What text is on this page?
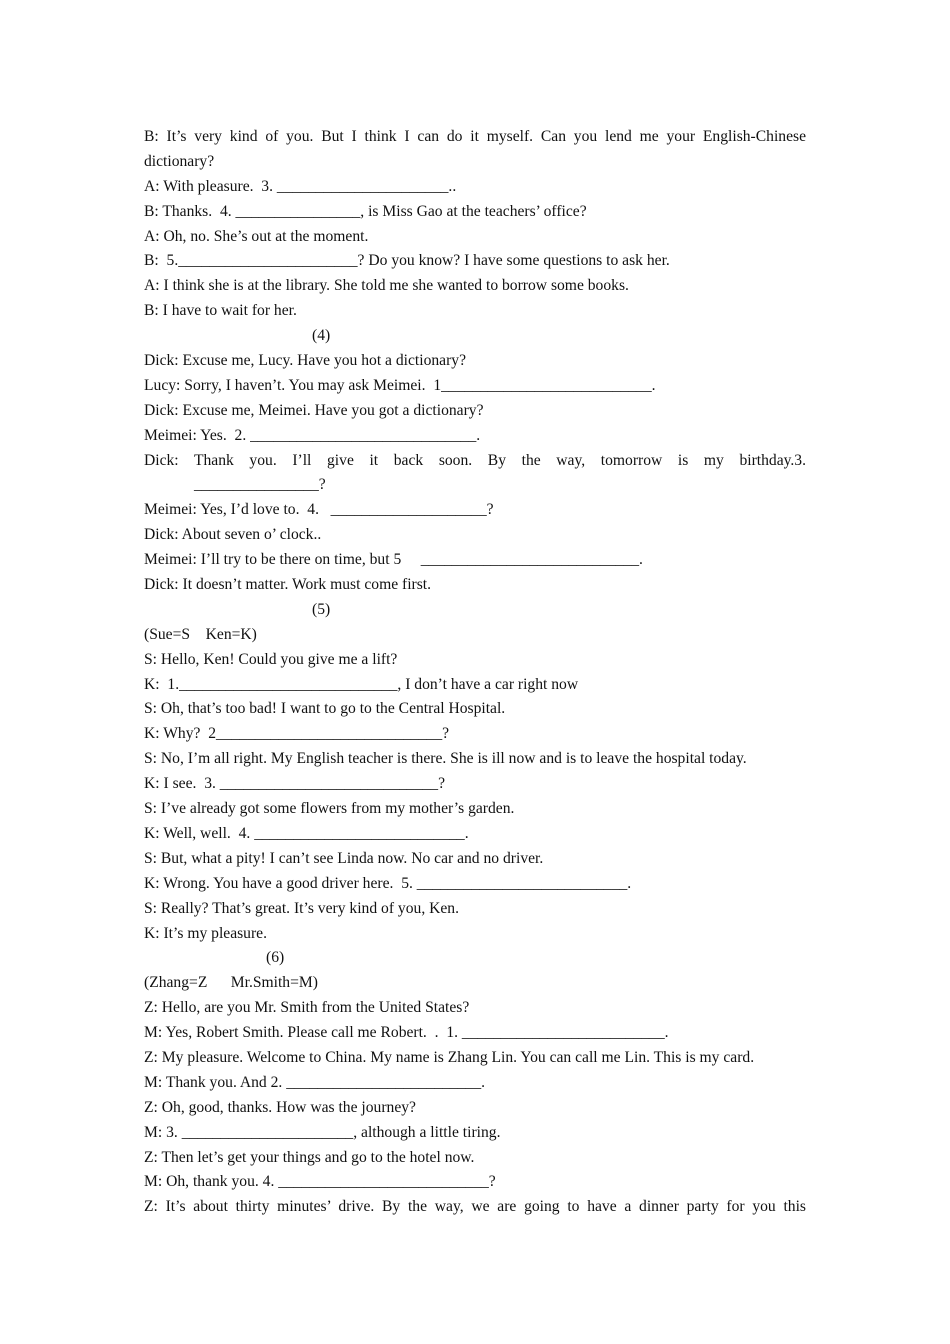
B: It’s very kind of you. But I think I can do it myself. Can you lend me your English-Chinese
dictionary?
A: With pleasure.  3. ______________________..
B: Thanks.  4. ________________, is Miss Gao at the teachers’ office?
A: Oh, no. She’s out at the moment.
B:  5._______________________? Do you know? I have some questions to ask her.
A: I think she is at the library. She told me she wanted to borrow some books.
B: I have to wait for her.
(4)
Dick: Excuse me, Lucy. Have you hot a dictionary?
Lucy: Sorry, I haven’t. You may ask Meimei.  1___________________________.
Dick: Excuse me, Meimei. Have you got a dictionary?
Meimei: Yes.  2. _____________________________.
Dick: Thank you. I’ll give it back soon. By the way, tomorrow is my birthday.3.
________________?
Meimei: Yes, I’d love to.  4.   ____________________?
Dick: About seven o’ clock..
Meimei: I’ll try to be there on time, but 5     ____________________________.
Dick: It doesn’t matter. Work must come first.
(5)
(Sue=S    Ken=K)
S: Hello, Ken! Could you give me a lift?
K:  1.____________________________, I don’t have a car right now
S: Oh, that’s too bad! I want to go to the Central Hospital.
K: Why?  2_____________________________?
S: No, I’m all right. My English teacher is there. She is ill now and is to leave the hospital today.
K: I see.  3. ____________________________?
S: I’ve already got some flowers from my mother’s garden.
K: Well, well.  4. ___________________________.
S: But, what a pity! I can’t see Linda now. No car and no driver.
K: Wrong. You have a good driver here.  5. ___________________________.
S: Really? That’s great. It’s very kind of you, Ken.
K: It’s my pleasure.
(6)
(Zhang=Z      Mr.Smith=M)
Z: Hello, are you Mr. Smith from the United States?
M: Yes, Robert Smith. Please call me Robert.  .  1. __________________________.
Z: My pleasure. Welcome to China. My name is Zhang Lin. You can call me Lin. This is my card.
M: Thank you. And 2. _________________________.
Z: Oh, good, thanks. How was the journey?
M: 3. ______________________, although a little tiring.
Z: Then let’s get your things and go to the hotel now.
M: Oh, thank you. 4. ___________________________?
Z: It’s about thirty minutes’ drive. By the way, we are going to have a dinner party for you this
